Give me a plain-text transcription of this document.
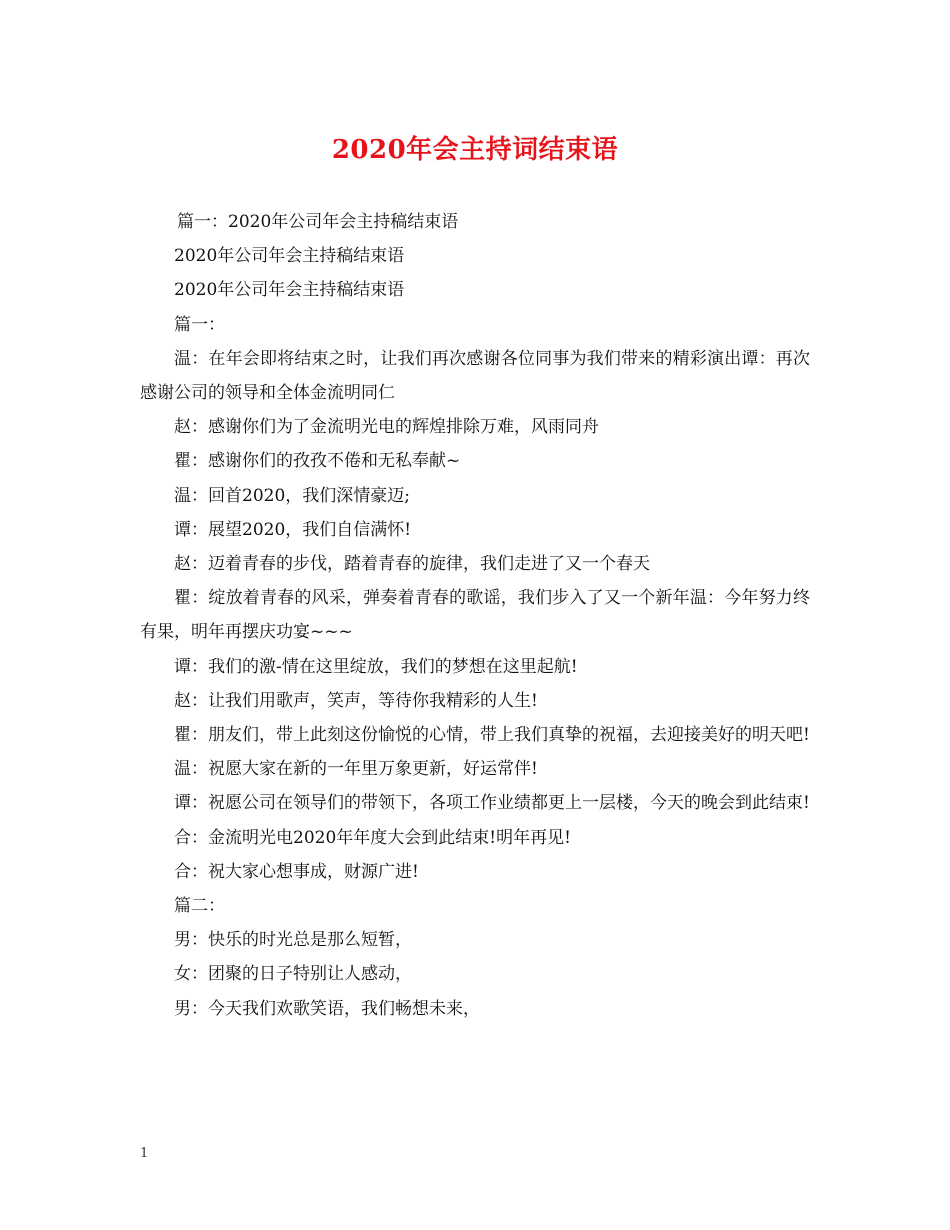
2020年会主持词结束语

篇一：2020年公司年会主持稿结束语

2020年公司年会主持稿结束语

2020年公司年会主持稿结束语

篇一：

温：在年会即将结束之时，让我们再次感谢各位同事为我们带来的精彩演出谭：再次感谢公司的领导和全体金流明同仁

赵：感谢你们为了金流明光电的辉煌排除万难，风雨同舟

瞿：感谢你们的孜孜不倦和无私奉献~

温：回首2020，我们深情豪迈;

谭：展望2020，我们自信满怀!

赵：迈着青春的步伐，踏着青春的旋律，我们走进了又一个春天

瞿：绽放着青春的风采，弹奏着青春的歌谣，我们步入了又一个新年温：今年努力终有果，明年再摆庆功宴~~~

谭：我们的激-情在这里绽放，我们的梦想在这里起航!

赵：让我们用歌声，笑声，等待你我精彩的人生!

瞿：朋友们，带上此刻这份愉悦的心情，带上我们真挚的祝福，去迎接美好的明天吧!

温：祝愿大家在新的一年里万象更新，好运常伴!

谭：祝愿公司在领导们的带领下，各项工作业绩都更上一层楼，今天的晚会到此结束!

合：金流明光电2020年年度大会到此结束!明年再见!

合：祝大家心想事成，财源广进!

篇二：

男：快乐的时光总是那么短暂，

女：团聚的日子特别让人感动，

男：今天我们欢歌笑语，我们畅想未来，

1
